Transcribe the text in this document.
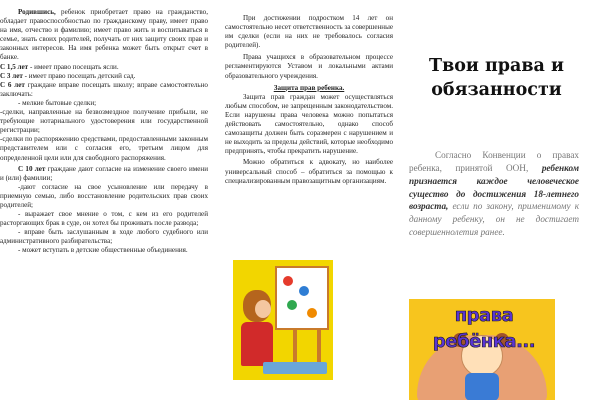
Родившись, ребенок приобретает право на гражданство, обладает правоспособностью по гражданскому праву, имеет право на имя, отчество и фамилию; имеет право жить и воспитываться в семье, знать своих родителей, получать от них защиту своих прав и законных интересов. На имя ребенка может быть открыт счет в банке.

С 1,5 лет - имеет право посещать ясли.

С 3 лет - имеет право посещать детский сад.

С 6 лет граждане вправе посещать школу; вправе самостоятельно заключать:

- мелкие бытовые сделки;

-сделки, направленные на безвозмездное получение прибыли, не требующие нотариального удостоверения или государственной регистрации;

-сделки по распоряжению средствами, предоставленными законным представителем или с согласия его, третьим лицом для определенной цели или для свободного распоряжения.

С 10 лет граждане дают согласие на изменение своего имени и (или) фамилии;

-дают согласие на свое усыновление или передачу в приемную семью, либо восстановление родительских прав своих родителей;

- выражает свое мнение о том, с кем из его родителей расторгающих брак в суде, он хотел бы проживать после развода;

- вправе быть заслушанным в ходе любого судебного или административного разбирательства;

- может вступать в детские общественные объединения.

При достижении подростком 14 лет он самостоятельно несет ответственность за совершенные им сделки (если на них не требовалось согласия родителей).

Права учащихся в образовательном процессе регламентируются Уставом и локальными актами образовательного учреждения.

Защита прав ребенка.

Защита прав граждан может осуществляться любым способом, не запрещенным законодательством. Если нарушены права человека можно попытаться действовать самостоятельно, однако способ самозащиты должен быть соразмерен с нарушением и не выходить за пределы действий, которые необходимо предпринять, чтобы прекратить нарушение.

Можно обратиться к адвокату, но наиболее универсальный способ – обратиться за помощью к специализированным правозащитным организациям.

Твои права и обязанности

Согласно Конвенции о правах ребенка, принятой ООН, ребенком признается каждое человеческое существо до достижения 18-летнего возраста, если по закону, применимому к данному ребенку, он не достигает совершеннолетия ранее.

права ребёнка...
